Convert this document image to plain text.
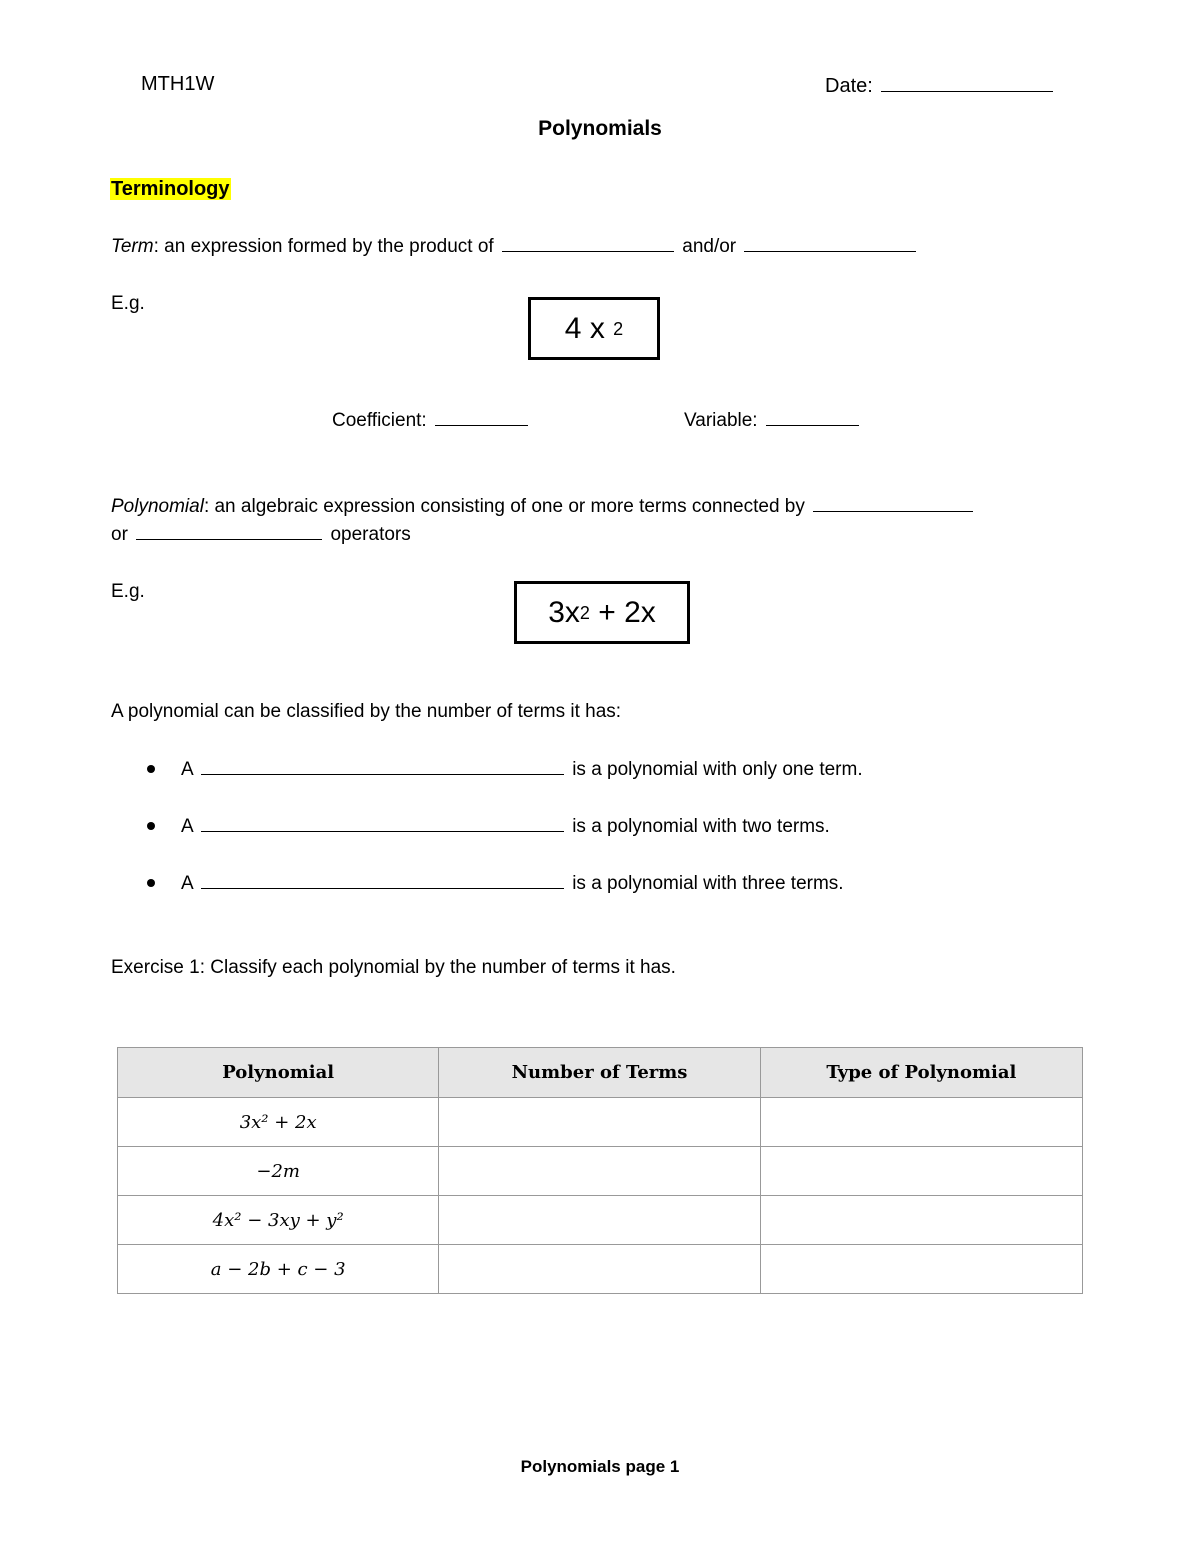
MTH1W	Date:
Polynomials
Terminology
Term: an expression formed by the product of	and/or
E.g.
4 x
2
Coefficient:	Variable:
Polynomial: an algebraic expression consisting of one or more terms connected by
or	operators
E.g.
3x 2 + 2x
A polynomial can be classified by the number of terms it has:
A	is a polynomial with only one term.
A	is a polynomial with two terms.
A	is a polynomial with three terms.
Exercise 1: Classify each polynomial by the number of terms it has.
Polynomial	Number of Terms	Type of Polynomial
3x² + 2x		
−2m		
4x² − 3xy + y²		
a − 2b + c − 3		
Polynomials page 1
